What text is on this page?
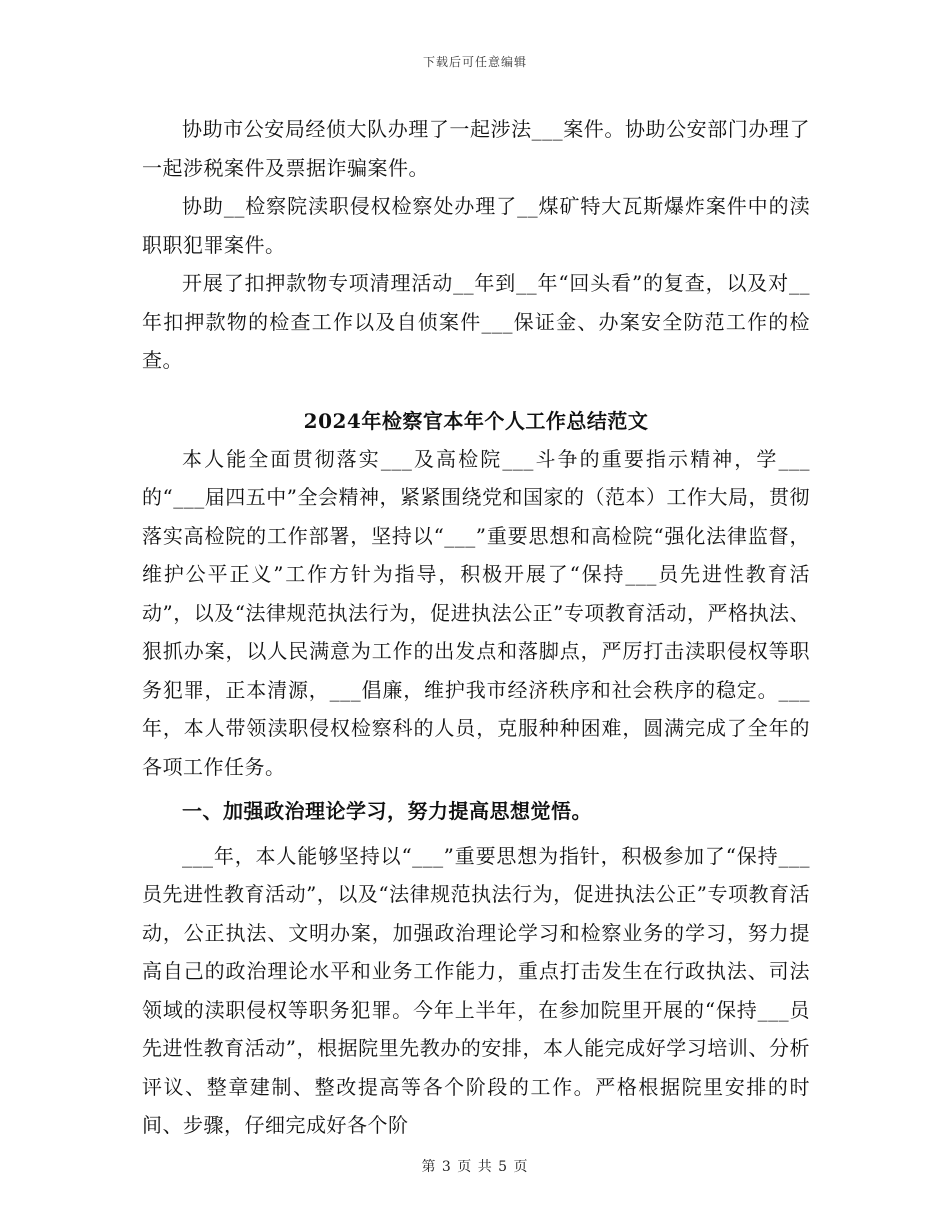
下载后可任意编辑

协助市公安局经侦大队办理了一起涉法___案件。协助公安部门办理了一起涉税案件及票据诈骗案件。

协助__检察院渎职侵权检察处办理了__煤矿特大瓦斯爆炸案件中的渎职职犯罪案件。

开展了扣押款物专项清理活动__年到__年“回头看”的复查，以及对__年扣押款物的检查工作以及自侦案件___保证金、办案安全防范工作的检查。

2024年检察官本年个人工作总结范文

本人能全面贯彻落实___及高检院___斗争的重要指示精神，学___的“___届四五中”全会精神，紧紧围绕党和国家的（范本）工作大局，贯彻落实高检院的工作部署，坚持以“___”重要思想和高检院“强化法律监督，维护公平正义”工作方针为指导，积极开展了“保持___员先进性教育活动”，以及“法律规范执法行为，促进执法公正”专项教育活动，严格执法、狠抓办案，以人民满意为工作的出发点和落脚点，严厉打击渎职侵权等职务犯罪，正本清源，___倡廉，维护我市经济秩序和社会秩序的稳定。___年，本人带领渎职侵权检察科的人员，克服种种困难，圆满完成了全年的各项工作任务。

一、加强政治理论学习，努力提高思想觉悟。

___年，本人能够坚持以“___”重要思想为指针，积极参加了“保持___员先进性教育活动”，以及“法律规范执法行为，促进执法公正”专项教育活动，公正执法、文明办案，加强政治理论学习和检察业务的学习，努力提高自己的政治理论水平和业务工作能力，重点打击发生在行政执法、司法领域的渎职侵权等职务犯罪。今年上半年，在参加院里开展的“保持___员先进性教育活动”，根据院里先教办的安排，本人能完成好学习培训、分析评议、整章建制、整改提高等各个阶段的工作。严格根据院里安排的时间、步骤，仔细完成好各个阶

第 3 页 共 5 页
